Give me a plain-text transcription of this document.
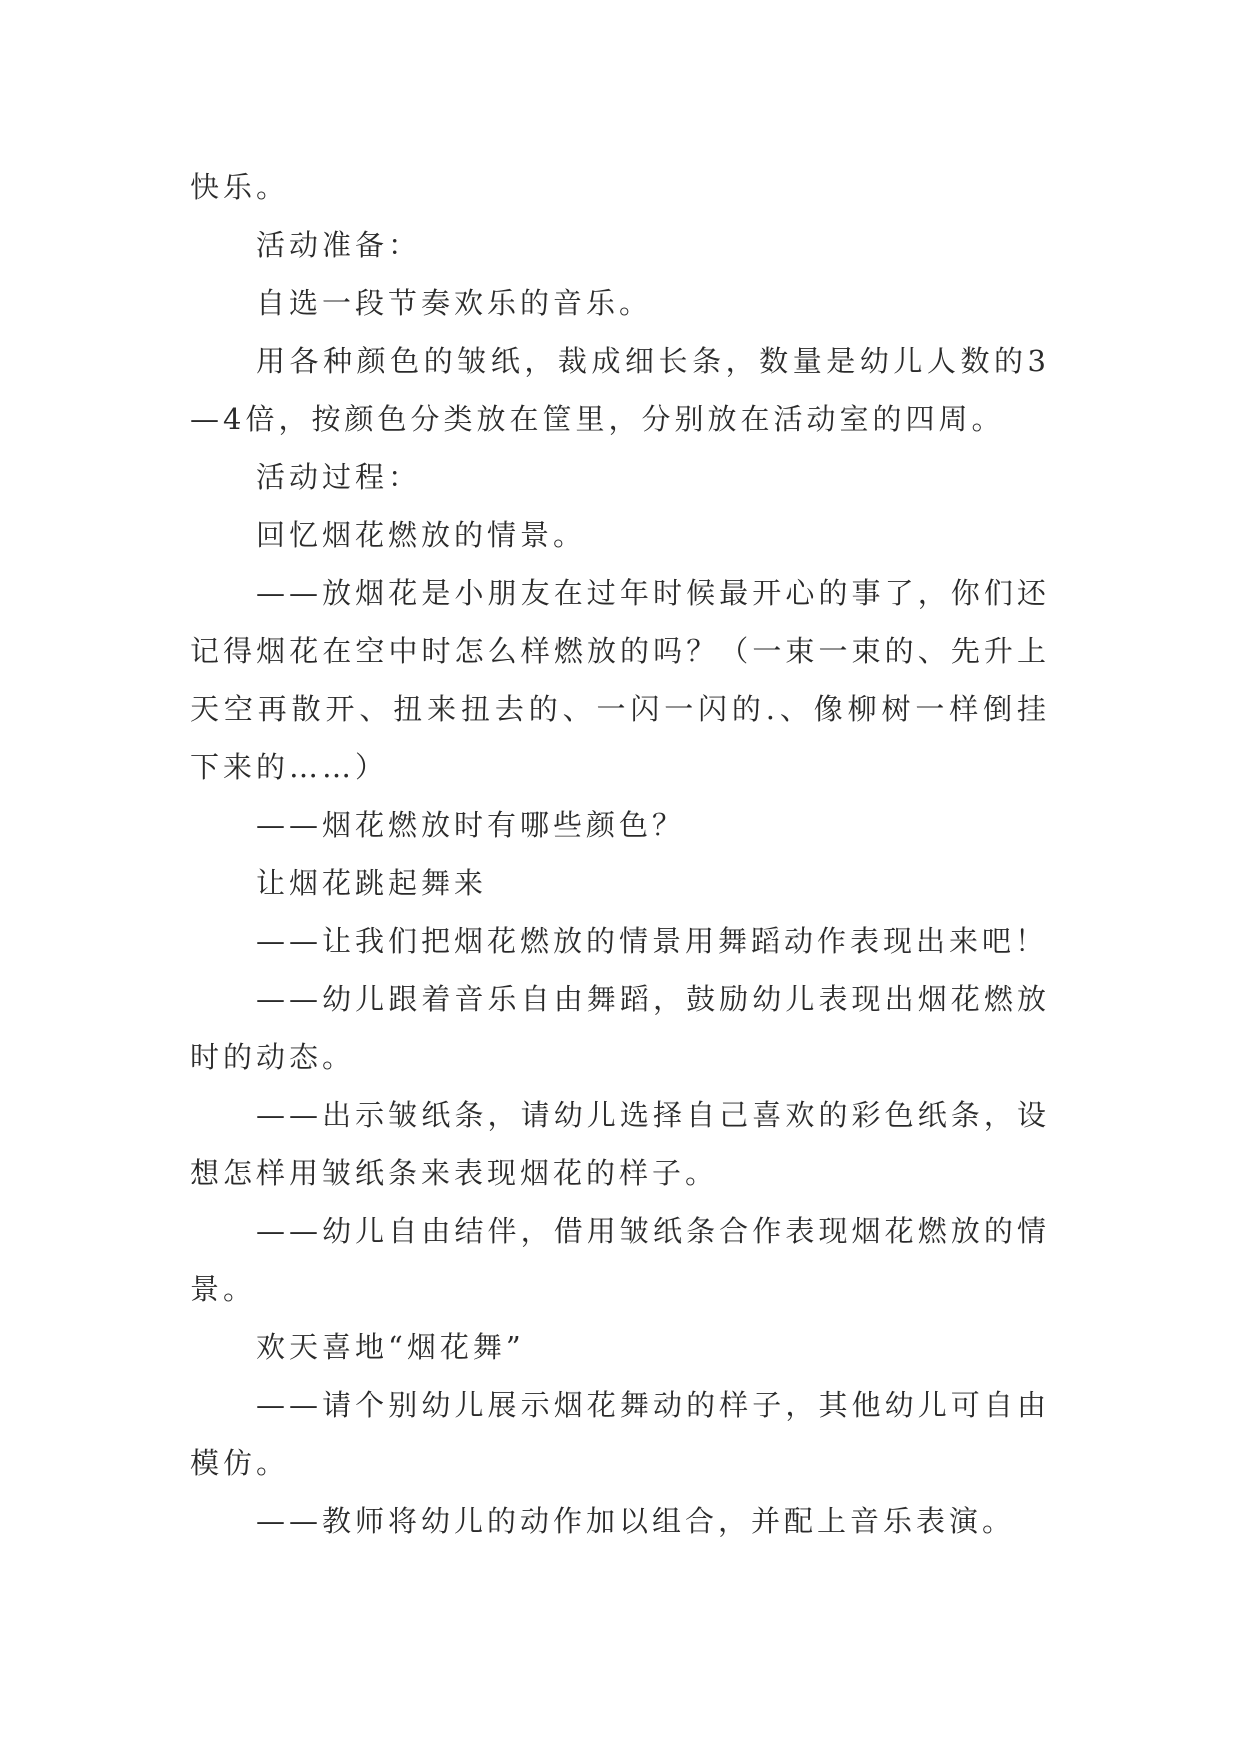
快乐。

活动准备：

自选一段节奏欢乐的音乐。

用各种颜色的皱纸，裁成细长条，数量是幼儿人数的3—4倍，按颜色分类放在筐里，分别放在活动室的四周。

活动过程：

回忆烟花燃放的情景。

——放烟花是小朋友在过年时候最开心的事了，你们还记得烟花在空中时怎么样燃放的吗？（一束一束的、先升上天空再散开、扭来扭去的、一闪一闪的.、像柳树一样倒挂下来的……）

——烟花燃放时有哪些颜色？

让烟花跳起舞来

——让我们把烟花燃放的情景用舞蹈动作表现出来吧！

——幼儿跟着音乐自由舞蹈，鼓励幼儿表现出烟花燃放时的动态。

——出示皱纸条，请幼儿选择自己喜欢的彩色纸条，设想怎样用皱纸条来表现烟花的样子。

——幼儿自由结伴，借用皱纸条合作表现烟花燃放的情景。

欢天喜地“烟花舞”

——请个别幼儿展示烟花舞动的样子，其他幼儿可自由模仿。

——教师将幼儿的动作加以组合，并配上音乐表演。
